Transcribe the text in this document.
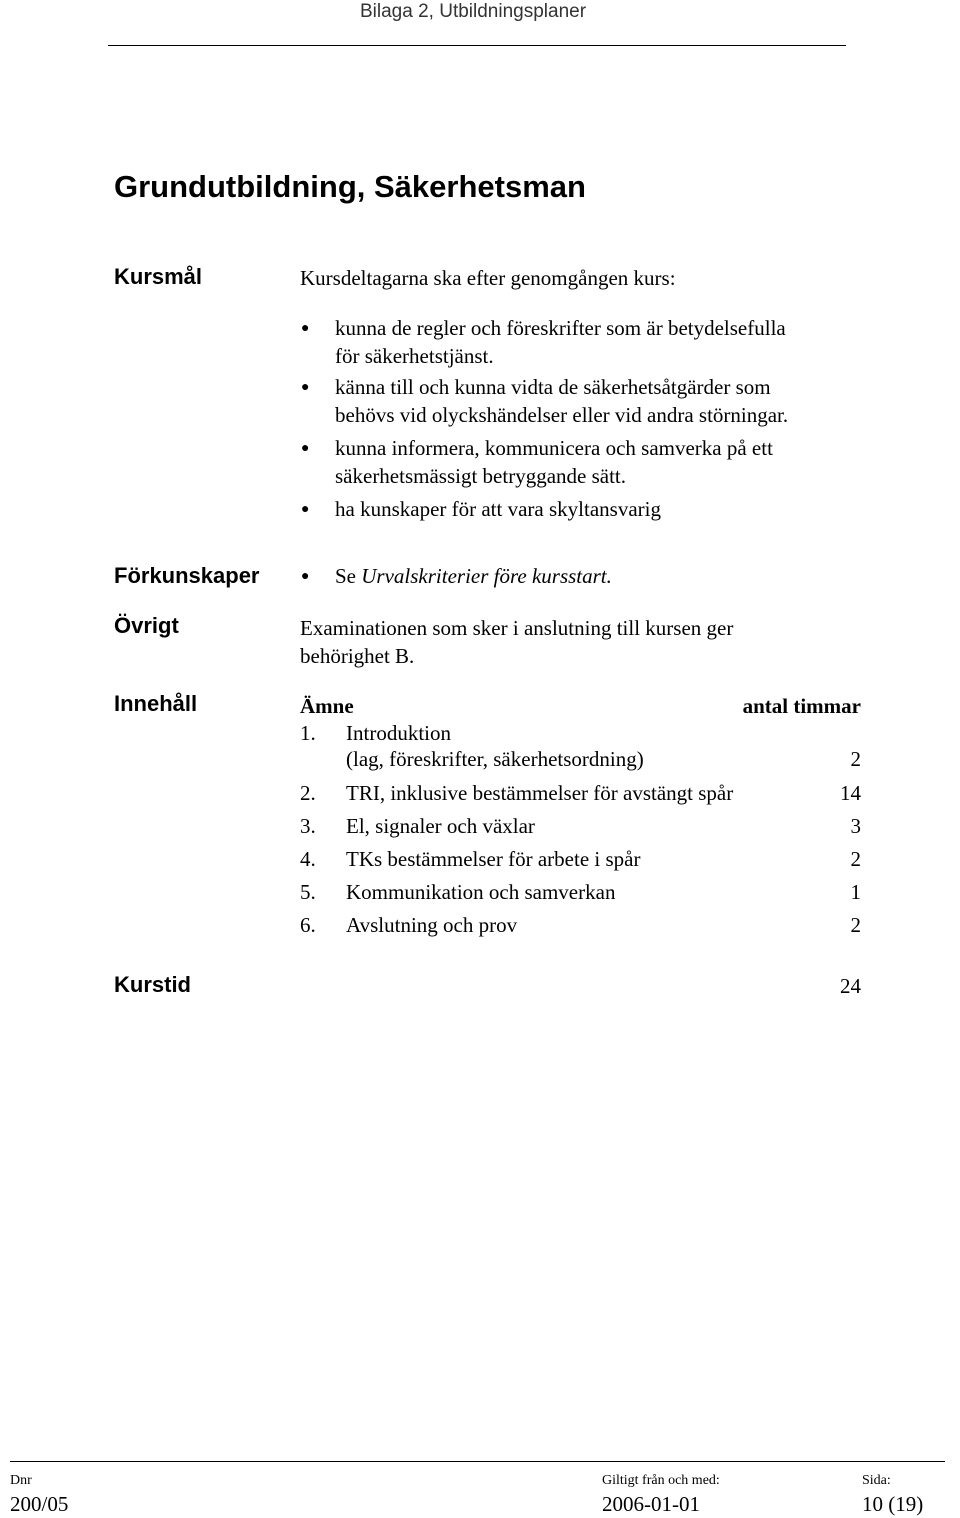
Bilaga 2, Utbildningsplaner
Grundutbildning, Säkerhetsman
Kursmål	Kursdeltagarna ska efter genomgången kurs:
● kunna de regler och föreskrifter som är betydelsefulla
för säkerhetstjänst.
● känna till och kunna vidta de säkerhetsåtgärder som
behövs vid olyckshändelser eller vid andra störningar.
● kunna informera, kommunicera och samverka på ett
säkerhetsmässigt betryggande sätt.
● ha kunskaper för att vara skyltansvarig
Förkunskaper	● Se Urvalskriterier före kursstart.
Övrigt	Examinationen som sker i anslutning till kursen ger
behörighet B.
Innehåll	Ämne	antal timmar
1. Introduktion
(lag, föreskrifter, säkerhetsordning)	2
2. TRI, inklusive bestämmelser för avstängt spår	14
3. El, signaler och växlar	3
4. TKs bestämmelser för arbete i spår	2
5. Kommunikation och samverkan	1
6. Avslutning och prov	2
Kurstid	24
Dnr
200/05
Giltigt från och med:
2006-01-01
Sida:
10 (19)
